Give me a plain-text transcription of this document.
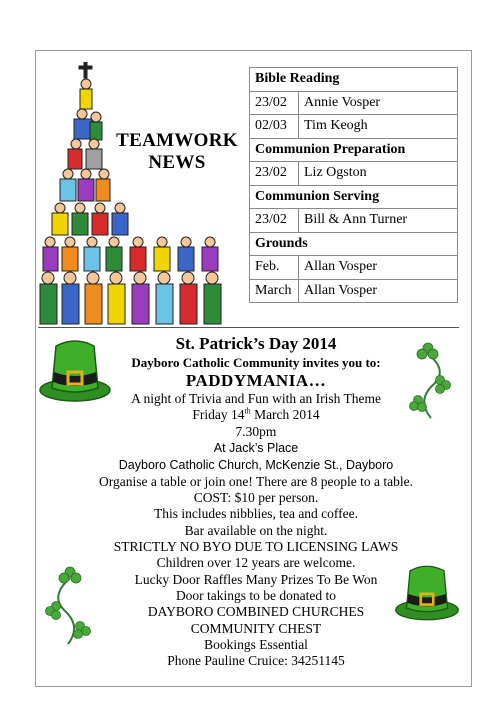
TEAMWORK
NEWS
Bible Reading	
23/02	Annie Vosper
02/03	Tim Keogh
Communion Preparation	
23/02	Liz Ogston
Communion Serving	
23/02	Bill & Ann Turner
Grounds	
Feb.	Allan Vosper
March	Allan Vosper
St. Patrick’s Day 2014
Dayboro Catholic Community invites you to:
PADDYMANIA…
A night of Trivia and Fun with an Irish Theme
Friday 14th March 2014
7.30pm
At Jack’s Place
Dayboro Catholic Church, McKenzie St., Dayboro
Organise a table or join one! There are 8 people to a table.
COST: $10 per person.
This includes nibblies, tea and coffee.
Bar available on the night.
STRICTLY NO BYO DUE TO LICENSING LAWS
Children over 12 years are welcome.
Lucky Door Raffles Many Prizes To Be Won
Door takings to be donated to
DAYBORO COMBINED CHURCHES
COMMUNITY CHEST
Bookings Essential
Phone Pauline Cruice: 34251145
